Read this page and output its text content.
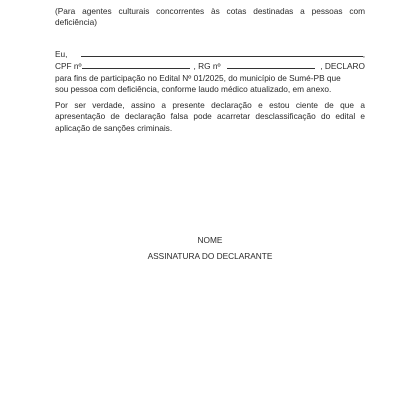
(Para agentes culturais concorrentes às cotas destinadas a pessoas com deficiência)

Eu,	,
CPF nº	, RG nº	, DECLARO
para fins de participação no Edital Nº 01/2025, do município de Sumé-PB que
sou pessoa com deficiência, conforme laudo médico atualizado, em anexo.

Por ser verdade, assino a presente declaração e estou ciente de que a apresentação de declaração falsa pode acarretar desclassificação do edital e aplicação de sanções criminais.

NOME
ASSINATURA DO DECLARANTE
